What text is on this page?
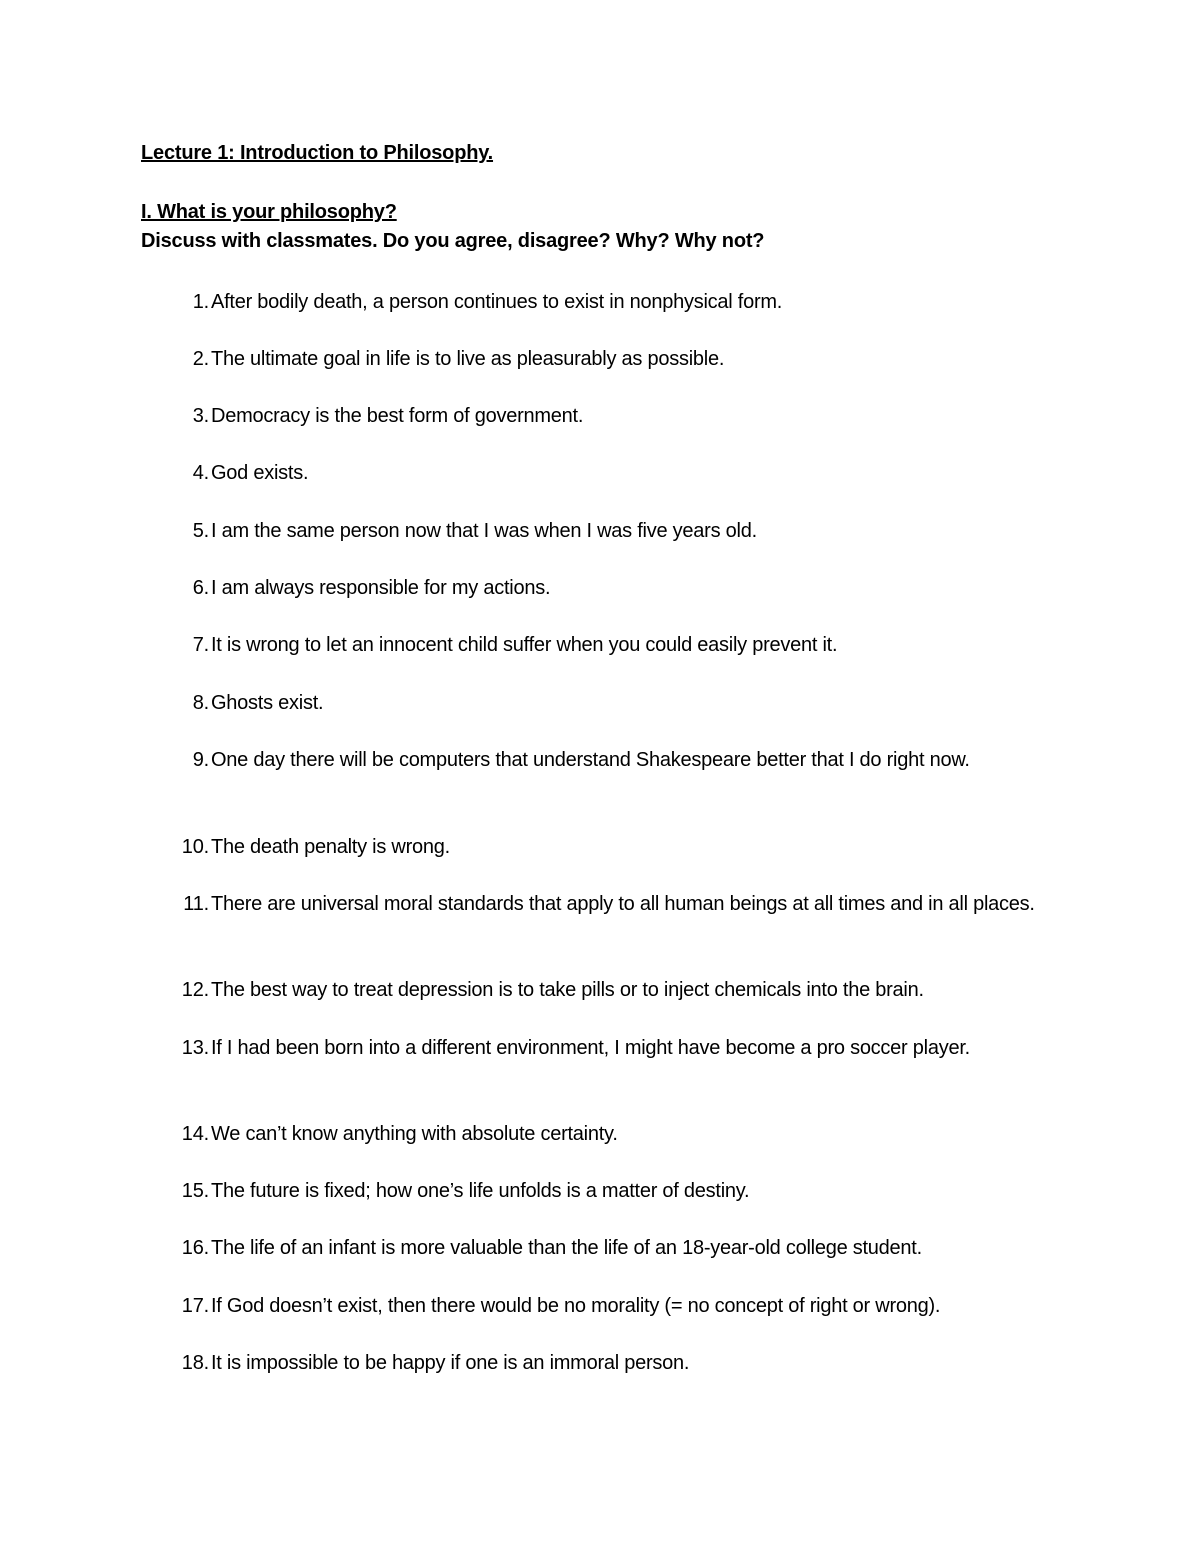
Lecture 1: Introduction to Philosophy.
I. What is your philosophy?
Discuss with classmates. Do you agree, disagree? Why? Why not?
1. After bodily death, a person continues to exist in nonphysical form.
2. The ultimate goal in life is to live as pleasurably as possible.
3. Democracy is the best form of government.
4. God exists.
5. I am the same person now that I was when I was five years old.
6. I am always responsible for my actions.
7. It is wrong to let an innocent child suffer when you could easily prevent it.
8. Ghosts exist.
9. One day there will be computers that understand Shakespeare better that I do right now.
10. The death penalty is wrong.
11. There are universal moral standards that apply to all human beings at all times and in all places.
12. The best way to treat depression is to take pills or to inject chemicals into the brain.
13. If I had been born into a different environment, I might have become a pro soccer player.
14. We can’t know anything with absolute certainty.
15. The future is fixed; how one’s life unfolds is a matter of destiny.
16. The life of an infant is more valuable than the life of an 18-year-old college student.
17. If God doesn’t exist, then there would be no morality (= no concept of right or wrong).
18. It is impossible to be happy if one is an immoral person.
